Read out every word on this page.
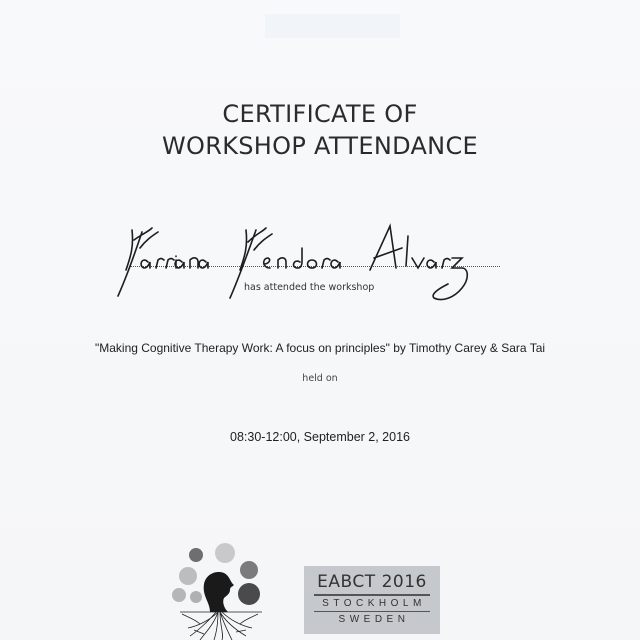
CERTIFICATE OF
WORKSHOP ATTENDANCE
has attended the workshop
"Making Cognitive Therapy Work: A focus on principles" by Timothy Carey & Sara Tai
held on
08:30-12:00, September 2, 2016
EABCT 2016
STOCKHOLM
SWEDEN
